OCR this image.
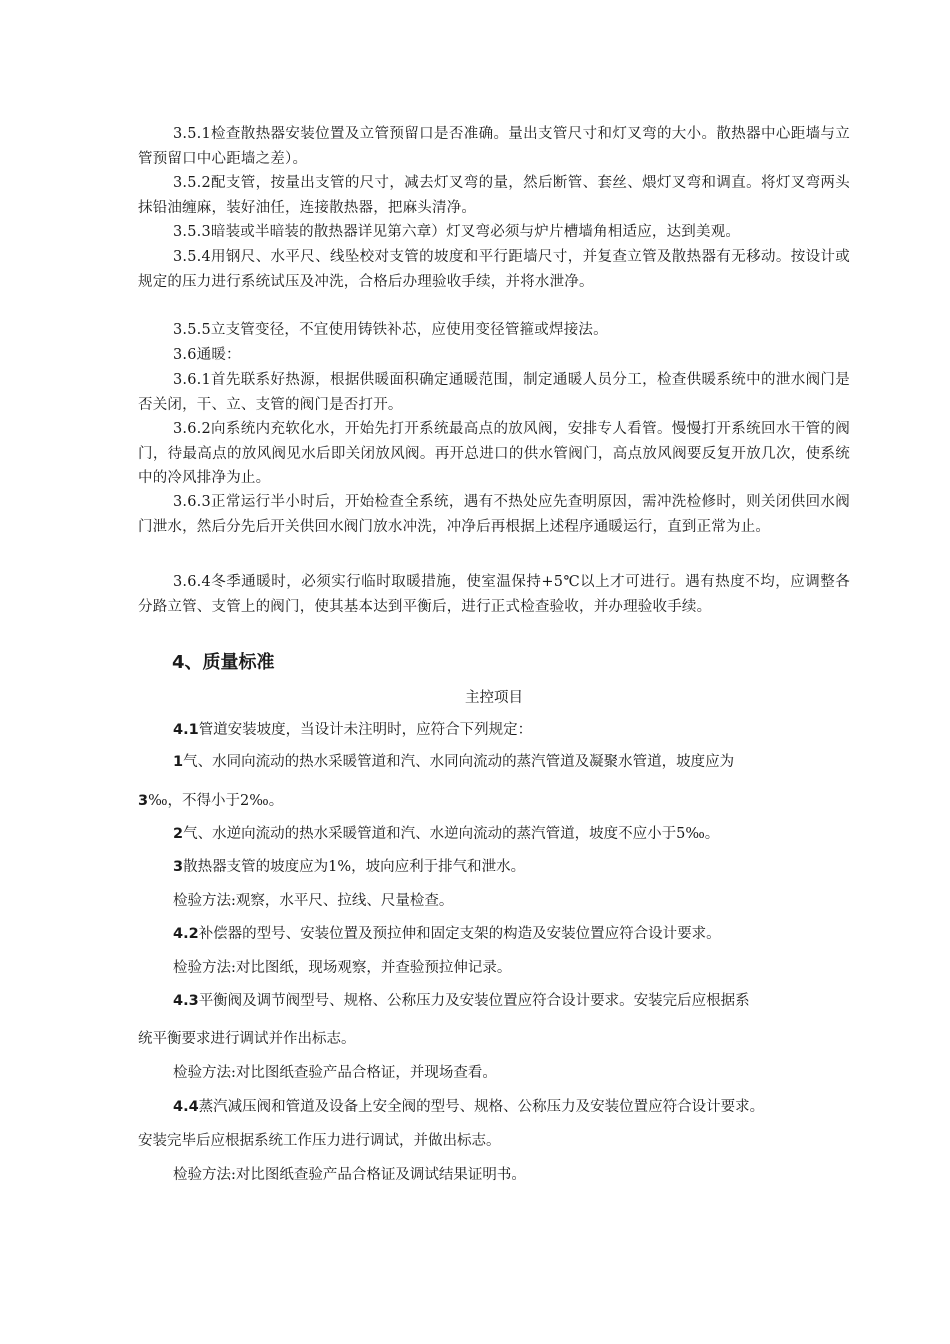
3.5.1检查散热器安装位置及立管预留口是否准确。量出支管尺寸和灯叉弯的大小。散热器中心距墙与立管预留口中心距墙之差）。

3.5.2配支管，按量出支管的尺寸，减去灯叉弯的量，然后断管、套丝、煨灯叉弯和调直。将灯叉弯两头抹铅油缠麻，装好油任，连接散热器，把麻头清净。

3.5.3暗装或半暗装的散热器详见第六章）灯叉弯必须与炉片槽墙角相适应，达到美观。

3.5.4用钢尺、水平尺、线坠校对支管的坡度和平行距墙尺寸，并复查立管及散热器有无移动。按设计或规定的压力进行系统试压及冲洗，合格后办理验收手续，并将水泄净。

3.5.5立支管变径，不宜使用铸铁补芯，应使用变径管箍或焊接法。

3.6通暖：

3.6.1首先联系好热源，根据供暖面积确定通暖范围，制定通暖人员分工，检查供暖系统中的泄水阀门是否关闭，干、立、支管的阀门是否打开。

3.6.2向系统内充软化水，开始先打开系统最高点的放风阀，安排专人看管。慢慢打开系统回水干管的阀门，待最高点的放风阀见水后即关闭放风阀。再开总进口的供水管阀门，高点放风阀要反复开放几次，使系统中的冷风排净为止。

3.6.3正常运行半小时后，开始检查全系统，遇有不热处应先查明原因，需冲洗检修时，则关闭供回水阀门泄水，然后分先后开关供回水阀门放水冲洗，冲净后再根据上述程序通暖运行，直到正常为止。

3.6.4冬季通暖时，必须实行临时取暖措施，使室温保持+5℃以上才可进行。遇有热度不均，应调整各分路立管、支管上的阀门，使其基本达到平衡后，进行正式检查验收，并办理验收手续。

4、质量标准

主控项目

4.1管道安装坡度，当设计未注明时，应符合下列规定：

1气、水同向流动的热水采暖管道和汽、水同向流动的蒸汽管道及凝聚水管道，坡度应为

3‰，不得小于2‰。

2气、水逆向流动的热水采暖管道和汽、水逆向流动的蒸汽管道，坡度不应小于5‰。

3散热器支管的坡度应为1%，坡向应利于排气和泄水。

检验方法:观察，水平尺、拉线、尺量检查。

4.2补偿器的型号、安装位置及预拉伸和固定支架的构造及安装位置应符合设计要求。

检验方法:对比图纸，现场观察，并查验预拉伸记录。

4.3平衡阀及调节阀型号、规格、公称压力及安装位置应符合设计要求。安装完后应根据系

统平衡要求进行调试并作出标志。

检验方法:对比图纸查验产品合格证，并现场查看。

4.4蒸汽减压阀和管道及设备上安全阀的型号、规格、公称压力及安装位置应符合设计要求。

安装完毕后应根据系统工作压力进行调试，并做出标志。

检验方法:对比图纸查验产品合格证及调试结果证明书。
